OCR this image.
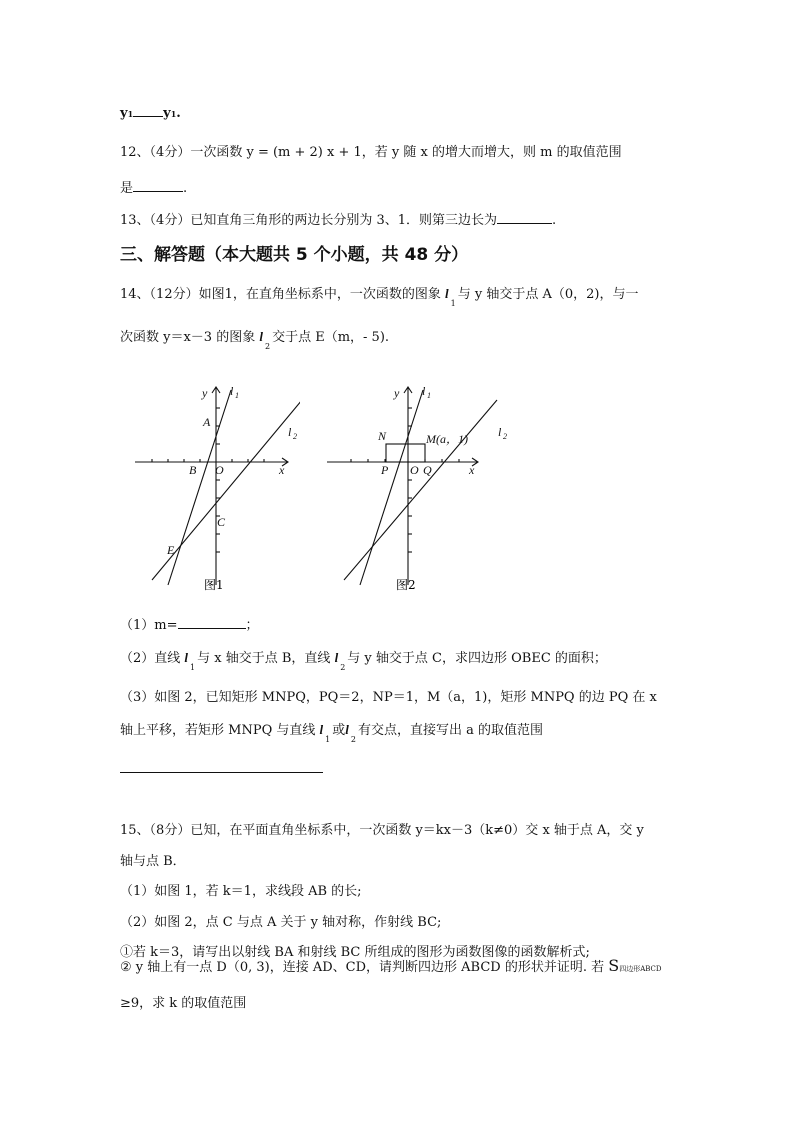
y1 y1.
12、（4分）一次函数 y = (m + 2) x + 1，若 y 随 x 的增大而增大，则 m 的取值范围
是	.
13、（4分）已知直角三角形的两边长分别为 3、1．则第三边长为	.
三、解答题（本大题共 5 个小题，共 48 分）
14、（12分）如图1，在直角坐标系中，一次函数的图象 $l_1$与 y 轴交于点 A（0，2)，与一
次函数 y＝x－3 的图象 $l_2$交于点 E（m，- 5).
y l 1
l 2
A
B O
C
E
x
图1
y l 1
l 2
N	M(a，1)
P O Q	x
图2
（1）m=	；
（2）直线 $l_1$与 x 轴交于点 B，直线 $l_2$与 y 轴交于点 C，求四边形 OBEC 的面积；
（3）如图 2，已知矩形 MNPQ，PQ＝2，NP＝1，M（a，1)，矩形 MNPQ 的边 PQ 在 x
轴上平移，若矩形 MNPQ 与直线 $l_1$或$l_2$有交点，直接写出 a 的取值范围
15、（8分）已知，在平面直角坐标系中，一次函数 y＝kx－3（k≠0）交 x 轴于点 A，交 y
轴与点 B．
（1）如图 1，若 k＝1，求线段 AB 的长;
（2）如图 2，点 C 与点 A 关于 y 轴对称，作射线 BC;
①若 k＝3，请写出以射线 BA 和射线 BC 所组成的图形为函数图像的函数解析式;
② y 轴上有一点 D（0, 3)，连接 AD、CD，请判断四边形 ABCD 的形状并证明. 若 S四边形ABCD
≥9，求 k 的取值范围
